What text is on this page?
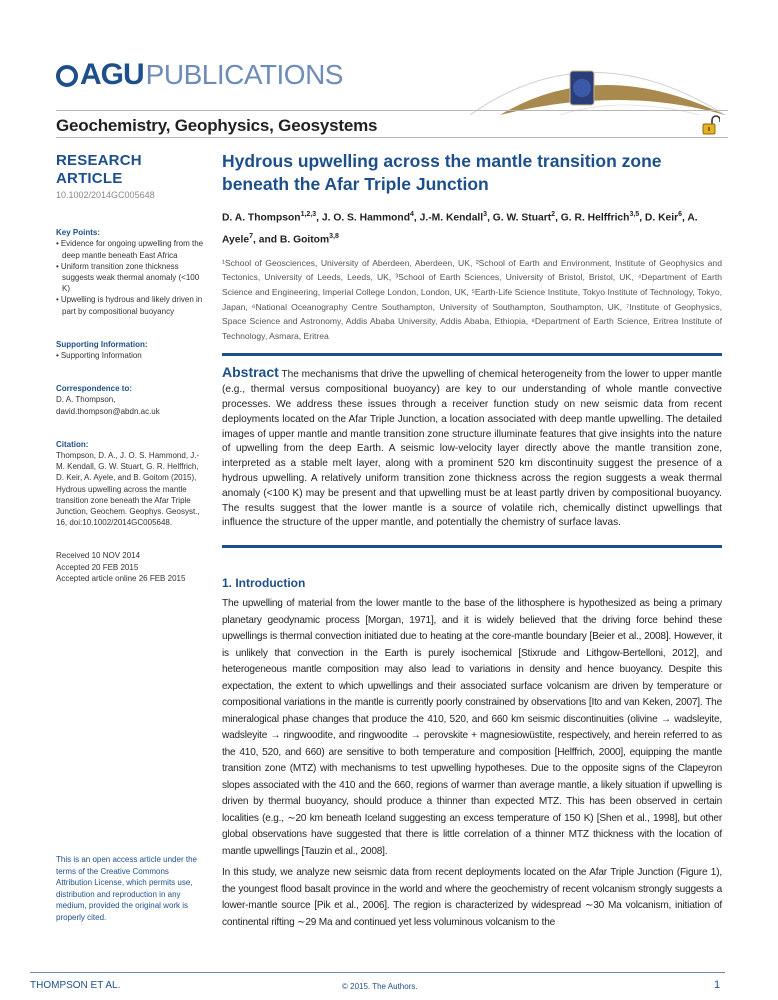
AGUPUBLICATIONS
Geochemistry, Geophysics, Geosystems
RESEARCH ARTICLE
10.1002/2014GC005648
Key Points:
• Evidence for ongoing upwelling from the deep mantle beneath East Africa
• Uniform transition zone thickness suggests weak thermal anomaly (<100 K)
• Upwelling is hydrous and likely driven in part by compositional buoyancy
Supporting Information:
• Supporting Information
Correspondence to:

D. A. Thompson,

david.thompson@abdn.ac.uk

Citation:

Thompson, D. A., J. O. S. Hammond, J.-M. Kendall, G. W. Stuart, G. R. Helffrich, D. Keir, A. Ayele, and B. Goitom (2015), Hydrous upwelling across the mantle transition zone beneath the Afar Triple Junction, Geochem. Geophys. Geosyst., 16, doi:10.1002/2014GC005648.

Received 10 NOV 2014

Accepted 20 FEB 2015

Accepted article online 26 FEB 2015

This is an open access article under the terms of the Creative Commons Attribution License, which permits use, distribution and reproduction in any medium, provided the original work is properly cited.
Hydrous upwelling across the mantle transition zone beneath the Afar Triple Junction
D. A. Thompson$^{1,2,3}$, J. O. S. Hammond$^4$, J.-M. Kendall$^3$, G. W. Stuart$^2$, G. R. Helffrich$^{3,5}$, D. Keir$^6$, A. Ayele$^7$, and B. Goitom$^{3,8}$
¹School of Geosciences, University of Aberdeen, Aberdeen, UK, ²School of Earth and Environment, Institute of Geophysics and Tectonics, University of Leeds, Leeds, UK, ³School of Earth Sciences, University of Bristol, Bristol, UK, ⁴Department of Earth Science and Engineering, Imperial College London, London, UK, ⁵Earth-Life Science Institute, Tokyo Institute of Technology, Tokyo, Japan, ⁶National Oceanography Centre Southampton, University of Southampton, Southampton, UK, ⁷Institute of Geophysics, Space Science and Astronomy, Addis Ababa University, Addis Ababa, Ethiopia, ⁸Department of Earth Science, Eritrea Institute of Technology, Asmara, Eritrea
Abstract The mechanisms that drive the upwelling of chemical heterogeneity from the lower to upper mantle (e.g., thermal versus compositional buoyancy) are key to our understanding of whole mantle convective processes. We address these issues through a receiver function study on new seismic data from recent deployments located on the Afar Triple Junction, a location associated with deep mantle upwelling. The detailed images of upper mantle and mantle transition zone structure illuminate features that give insights into the nature of upwelling from the deep Earth. A seismic low-velocity layer directly above the mantle transition zone, interpreted as a stable melt layer, along with a prominent 520 km discontinuity suggest the presence of a hydrous upwelling. A relatively uniform transition zone thickness across the region suggests a weak thermal anomaly (<100 K) may be present and that upwelling must be at least partly driven by compositional buoyancy. The results suggest that the lower mantle is a source of volatile rich, chemically distinct upwellings that influence the structure of the upper mantle, and potentially the chemistry of surface lavas.
1. Introduction

The upwelling of material from the lower mantle to the base of the lithosphere is hypothesized as being a primary planetary geodynamic process [Morgan, 1971], and it is widely believed that the driving force behind these upwellings is thermal convection initiated due to heating at the core-mantle boundary [Beier et al., 2008]. However, it is unlikely that convection in the Earth is purely isochemical [Stixrude and Lithgow-Bertelloni, 2012], and heterogeneous mantle composition may also lead to variations in density and hence buoyancy. Despite this expectation, the extent to which upwellings and their associated surface volcanism are driven by temperature or compositional variations in the mantle is currently poorly constrained by observations [Ito and van Keken, 2007]. The mineralogical phase changes that produce the 410, 520, and 660 km seismic discontinuities (olivine → wadsleyite, wadsleyite → ringwoodite, and ringwoodite → perovskite + magnesiowüstite, respectively, and herein referred to as the 410, 520, and 660) are sensitive to both temperature and composition [Helffrich, 2000], equipping the mantle transition zone (MTZ) with mechanisms to test upwelling hypotheses. Due to the opposite signs of the Clapeyron slopes associated with the 410 and the 660, regions of warmer than average mantle, a likely situation if upwelling is driven by thermal buoyancy, should produce a thinner than expected MTZ. This has been observed in certain localities (e.g., ∼20 km beneath Iceland suggesting an excess temperature of 150 K) [Shen et al., 1998], but other global observations have suggested that there is little correlation of a thinner MTZ thickness with the location of mantle upwellings [Tauzin et al., 2008].

In this study, we analyze new seismic data from recent deployments located on the Afar Triple Junction (Figure 1), the youngest flood basalt province in the world and where the geochemistry of recent volcanism strongly suggests a lower-mantle source [Pik et al., 2006]. The region is characterized by widespread ∼30 Ma volcanism, initiation of continental rifting ∼29 Ma and continued yet less voluminous volcanism to the

THOMPSON ET AL.	© 2015. The Authors.	1
